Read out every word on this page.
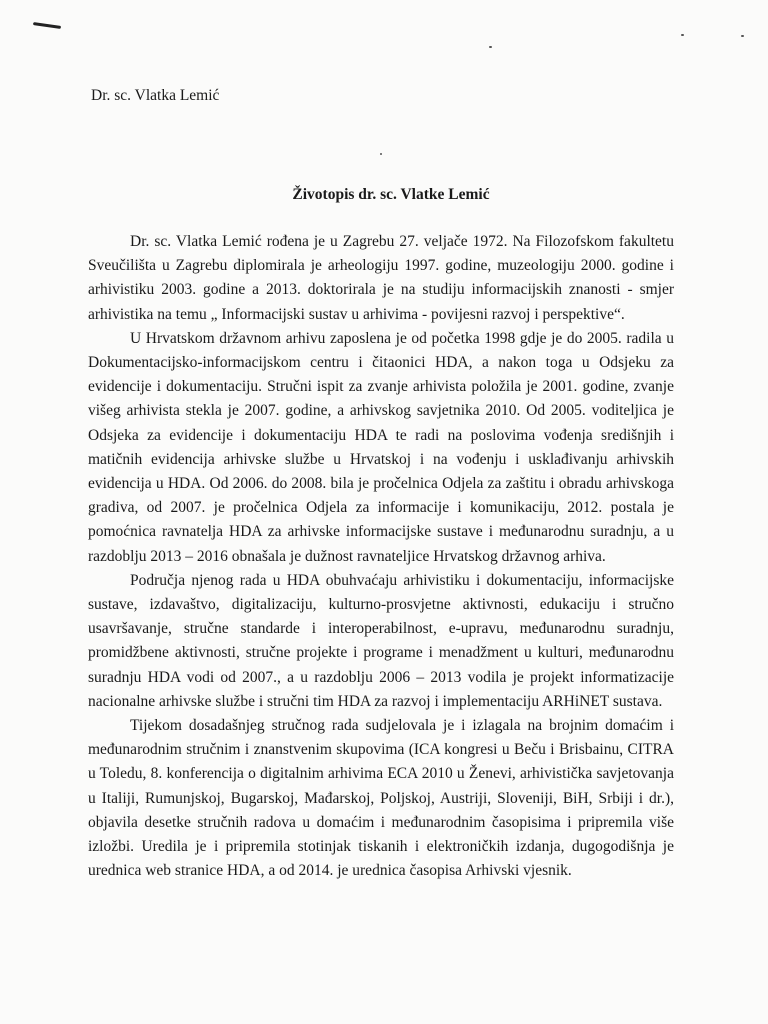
Dr. sc. Vlatka Lemić

Životopis dr. sc. Vlatke Lemić

Dr. sc. Vlatka Lemić rođena je u Zagrebu 27. veljače 1972. Na Filozofskom fakultetu Sveučilišta u Zagrebu diplomirala je arheologiju 1997. godine, muzeologiju 2000. godine i arhivistiku 2003. godine a 2013. doktorirala je na studiju informacijskih znanosti - smjer arhivistika na temu „ Informacijski sustav u arhivima - povijesni razvoj i perspektive“.

U Hrvatskom državnom arhivu zaposlena je od početka 1998 gdje je do 2005. radila u Dokumentacijsko-informacijskom centru i čitaonici HDA, a nakon toga u Odsjeku za evidencije i dokumentaciju. Stručni ispit za zvanje arhivista položila je 2001. godine, zvanje višeg arhivista stekla je 2007. godine, a arhivskog savjetnika 2010. Od 2005. voditeljica je Odsjeka za evidencije i dokumentaciju HDA te radi na poslovima vođenja središnjih i matičnih evidencija arhivske službe u Hrvatskoj i na vođenju i usklađivanju arhivskih evidencija u HDA. Od 2006. do 2008. bila je pročelnica Odjela za zaštitu i obradu arhivskoga gradiva, od 2007. je pročelnica Odjela za informacije i komunikaciju, 2012. postala je pomoćnica ravnatelja HDA za arhivske informacijske sustave i međunarodnu suradnju, a u razdoblju 2013 – 2016 obnašala je dužnost ravnateljice Hrvatskog državnog arhiva.

Područja njenog rada u HDA obuhvaćaju arhivistiku i dokumentaciju, informacijske sustave, izdavaštvo, digitalizaciju, kulturno-prosvjetne aktivnosti, edukaciju i stručno usavršavanje, stručne standarde i interoperabilnost, e-upravu, međunarodnu suradnju, promidžbene aktivnosti, stručne projekte i programe i menadžment u kulturi, međunarodnu suradnju HDA vodi od 2007., a u razdoblju 2006 – 2013 vodila je projekt informatizacije nacionalne arhivske službe i stručni tim HDA za razvoj i implementaciju ARHiNET sustava.

Tijekom dosadašnjeg stručnog rada sudjelovala je i izlagala na brojnim domaćim i međunarodnim stručnim i znanstvenim skupovima (ICA kongresi u Beču i Brisbainu, CITRA u Toledu, 8. konferencija o digitalnim arhivima ECA 2010 u Ženevi, arhivistička savjetovanja u Italiji, Rumunjskoj, Bugarskoj, Mađarskoj, Poljskoj, Austriji, Sloveniji, BiH, Srbiji i dr.), objavila desetke stručnih radova u domaćim i međunarodnim časopisima i pripremila više izložbi. Uredila je i pripremila stotinjak tiskanih i elektroničkih izdanja, dugogodišnja je urednica web stranice HDA, a od 2014. je urednica časopisa Arhivski vjesnik.
